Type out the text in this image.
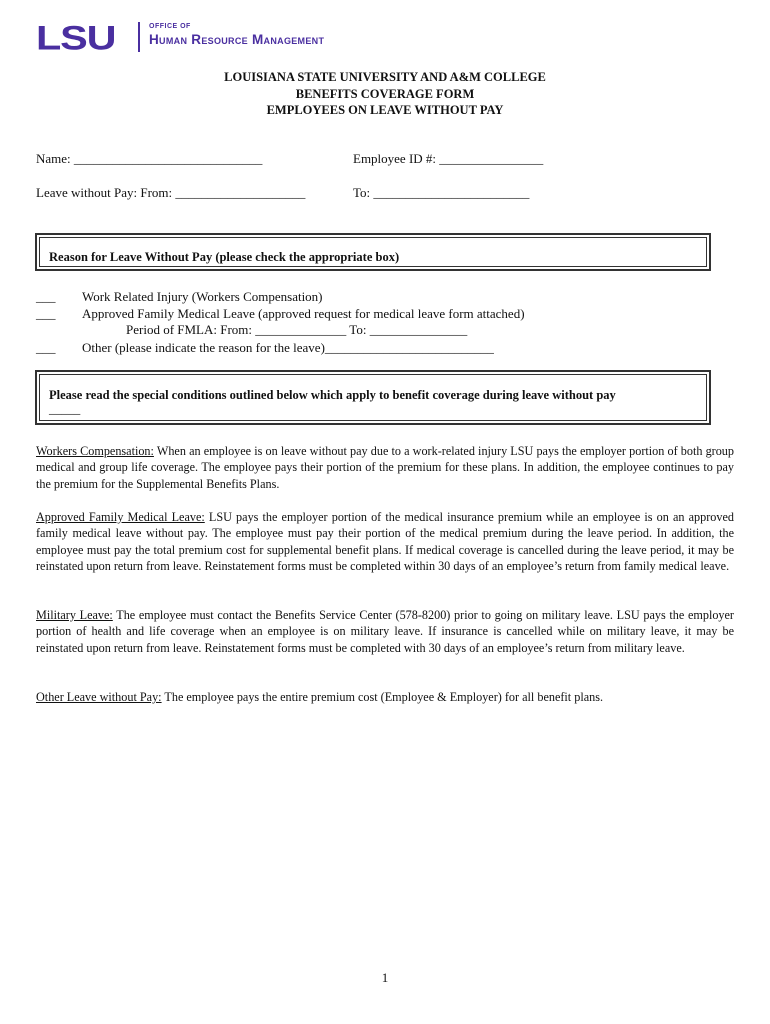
LSU	OFFICE OF
Human Resource Management
LOUISIANA STATE UNIVERSITY AND A&M COLLEGE
BENEFITS COVERAGE FORM
EMPLOYEES ON LEAVE WITHOUT PAY
Name: _____________________________	Employee ID #: ________________
Leave without Pay: From: ____________________	To: ________________________
Reason for Leave Without Pay (please check the appropriate box)
___ Work Related Injury (Workers Compensation)
___ Approved Family Medical Leave (approved request for medical leave form attached)
Period of FMLA: From: ______________ To: _______________
___ Other (please indicate the reason for the leave)__________________________
Please read the special conditions outlined below which apply to benefit coverage during leave without pay
_____
Workers Compensation: When an employee is on leave without pay due to a work-related injury LSU pays the employer portion of both group medical and group life coverage. The employee pays their portion of the premium for these plans. In addition, the employee continues to pay the premium for the Supplemental Benefits Plans.
Approved Family Medical Leave: LSU pays the employer portion of the medical insurance premium while an employee is on an approved family medical leave without pay. The employee must pay their portion of the medical premium during the leave period. In addition, the employee must pay the total premium cost for supplemental benefit plans. If medical coverage is cancelled during the leave period, it may be reinstated upon return from leave. Reinstatement forms must be completed within 30 days of an employee’s return from family medical leave.
Military Leave: The employee must contact the Benefits Service Center (578-8200) prior to going on military leave. LSU pays the employer portion of health and life coverage when an employee is on military leave. If insurance is cancelled while on military leave, it may be reinstated upon return from leave. Reinstatement forms must be completed with 30 days of an employee’s return from military leave.
Other Leave without Pay: The employee pays the entire premium cost (Employee & Employer) for all benefit plans.
1
